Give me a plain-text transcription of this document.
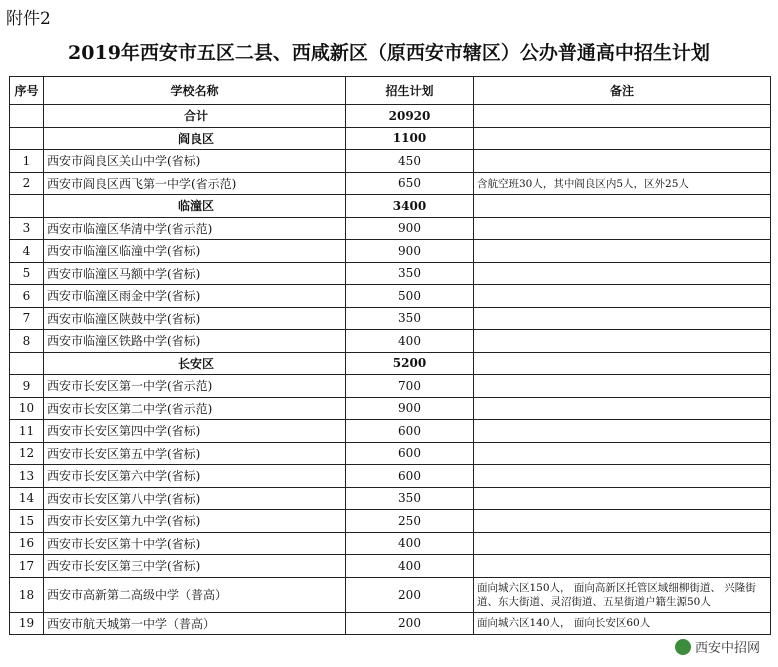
附件2
2019年西安市五区二县、西咸新区（原西安市辖区）公办普通高中招生计划
序号	学校名称	招生计划	备注
	合计	20920	
	阎良区	1100	
1	西安市阎良区关山中学(省标)	450	
2	西安市阎良区西飞第一中学(省示范)	650	含航空班30人，其中阎良区内5人，区外25人
	临潼区	3400	
3	西安市临潼区华清中学(省示范)	900	
4	西安市临潼区临潼中学(省标)	900	
5	西安市临潼区马额中学(省标)	350	
6	西安市临潼区雨金中学(省标)	500	
7	西安市临潼区陕鼓中学(省标)	350	
8	西安市临潼区铁路中学(省标)	400	
	长安区	5200	
9	西安市长安区第一中学(省示范)	700	
10	西安市长安区第二中学(省示范)	900	
11	西安市长安区第四中学(省标)	600	
12	西安市长安区第五中学(省标)	600	
13	西安市长安区第六中学(省标)	600	
14	西安市长安区第八中学(省标)	350	
15	西安市长安区第九中学(省标)	250	
16	西安市长安区第十中学(省标)	400	
17	西安市长安区第三中学(省标)	400	
18	西安市高新第二高级中学（普高）	200	面向城六区150人， 面向高新区托管区域细柳街道、 兴隆街道、东大街道、灵沼街道、五星街道户籍生源50人
19	西安市航天城第一中学（普高）	200	面向城六区140人， 面向长安区60人
西安中招网
